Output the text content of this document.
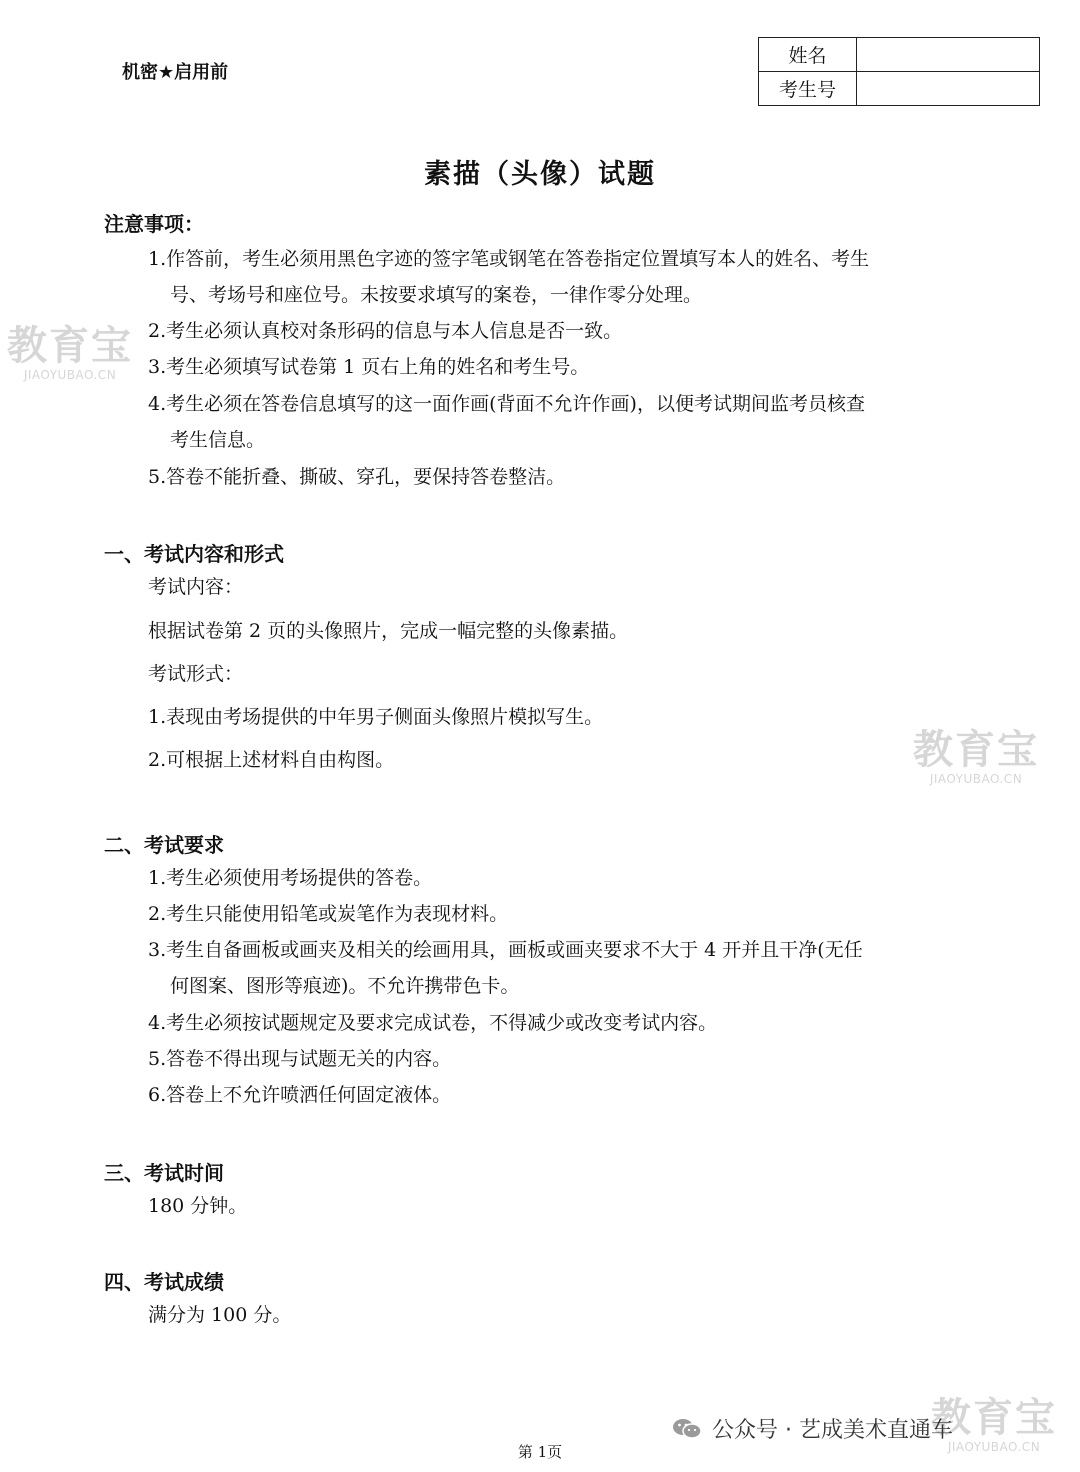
机密★启用前
姓名	
考生号	
素描（头像）试题
注意事项：
1.作答前，考生必须用黑色字迹的签字笔或钢笔在答卷指定位置填写本人的姓名、考生
号、考场号和座位号。未按要求填写的案卷，一律作零分处理。
2.考生必须认真校对条形码的信息与本人信息是否一致。
3.考生必须填写试卷第 1 页右上角的姓名和考生号。
4.考生必须在答卷信息填写的这一面作画(背面不允许作画)，以便考试期间监考员核查
考生信息。
5.答卷不能折叠、撕破、穿孔，要保持答卷整洁。
一、考试内容和形式
考试内容：
根据试卷第 2 页的头像照片，完成一幅完整的头像素描。
考试形式：
1.表现由考场提供的中年男子侧面头像照片模拟写生。
2.可根据上述材料自由构图。
二、考试要求
1.考生必须使用考场提供的答卷。
2.考生只能使用铅笔或炭笔作为表现材料。
3.考生自备画板或画夹及相关的绘画用具，画板或画夹要求不大于 4 开并且干净(无任
何图案、图形等痕迹)。不允许携带色卡。
4.考生必须按试题规定及要求完成试卷，不得减少或改变考试内容。
5.答卷不得出现与试题无关的内容。
6.答卷上不允许喷洒任何固定液体。
三、考试时间
180 分钟。
四、考试成绩
满分为 100 分。
教育宝
JIAOYUBAO.CN
教育宝
JIAOYUBAO.CN
教育宝
JIAOYUBAO.CN
公众号 · 艺成美术直通车
第 1页
